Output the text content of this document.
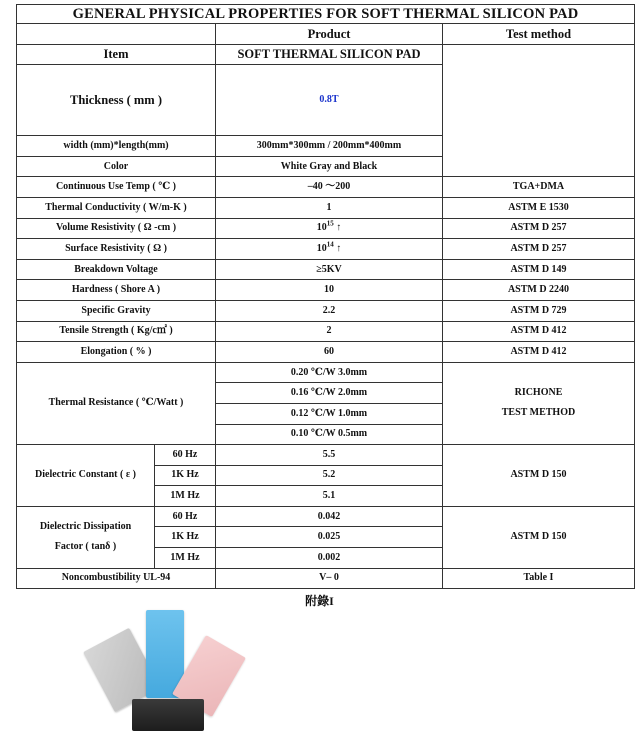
GENERAL PHYSICAL PROPERTIES FOR SOFT THERMAL SILICON PAD			
		Product	Test method
Item		SOFT THERMAL SILICON PAD	
Thickness ( mm )		0.8T	
width (mm)*length(mm)		300mm*300mm / 200mm*400mm	
Color		White Gray and Black	
Continuous Use Temp ( ℃ )		–40 ～200	TGA+DMA
Thermal Conductivity ( W/m-K )		1	ASTM E 1530
Volume Resistivity ( Ω -cm )		$10^{15}$ ↑	ASTM D 257
Surface Resistivity ( Ω )		$10^{14}$ ↑	ASTM D 257
Breakdown Voltage		≥5KV	ASTM D 149
Hardness ( Shore A )		10	ASTM D 2240
Specific Gravity		2.2	ASTM D 729
Tensile Strength ( Kg/c㎡ )		2	ASTM D 412
Elongation ( % )		60	ASTM D 412
Thermal Resistance ( ℃/Watt )		0.20 ℃/W 3.0mm	RICHONE
TEST METHOD

		0.16 ℃/W 2.0mm	
		0.12 ℃/W 1.0mm	
		0.10 ℃/W 0.5mm	
Dielectric Constant ( ε )	60 Hz	5.5	ASTM D 150
	1K Hz	5.2	
	1M Hz	5.1	

Dielectric Dissipation
Factor ( tanδ )	60 Hz	0.042	ASTM D 150
	1K Hz	0.025	
	1M Hz	0.002	
Noncombustibility UL-94		V– 0	Table I
附錄I
